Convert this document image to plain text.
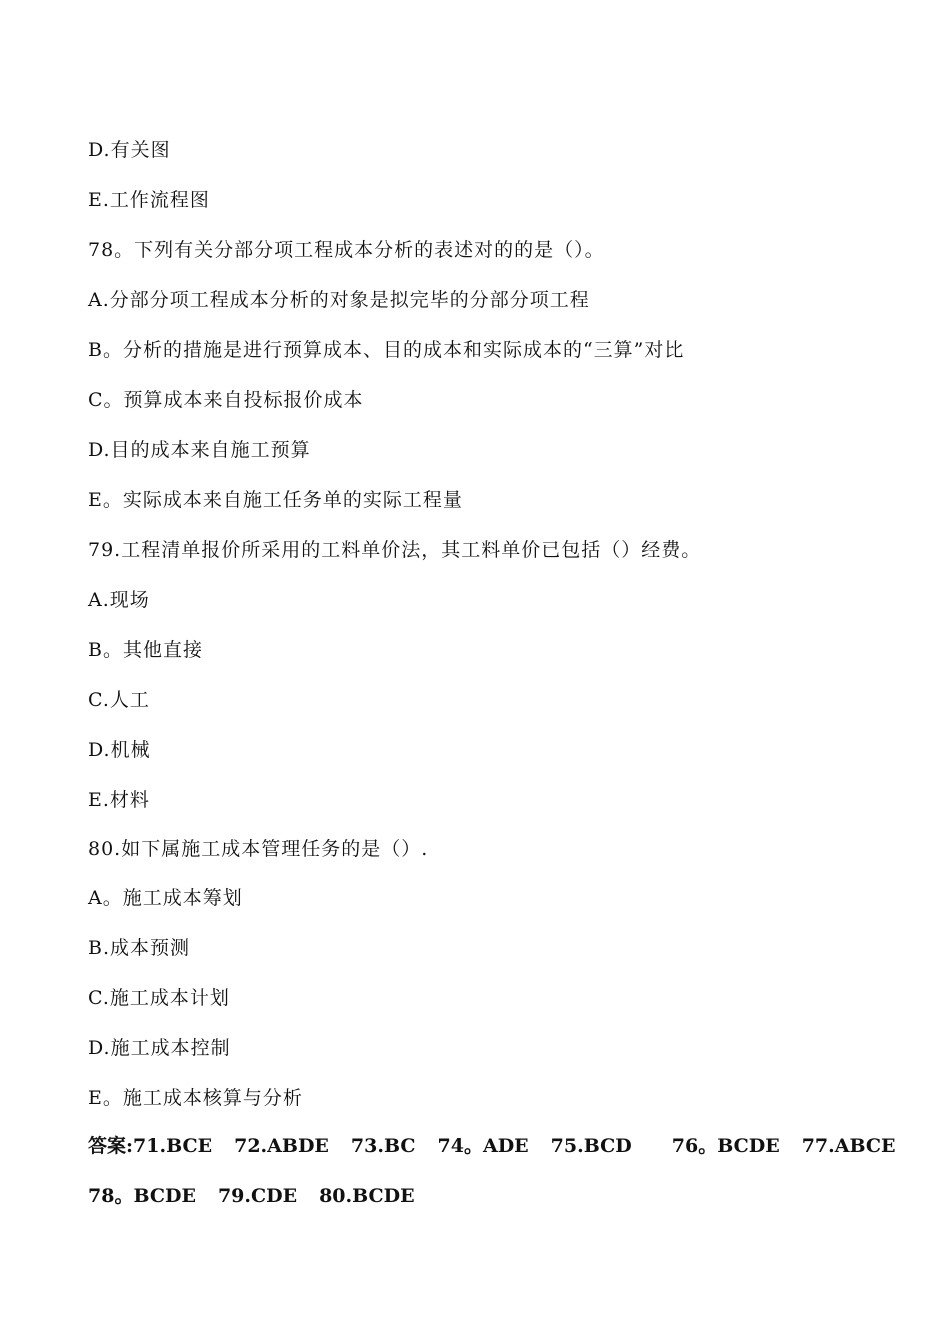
D.有关图
E.工作流程图
78。下列有关分部分项工程成本分析的表述对的的是（）。
A.分部分项工程成本分析的对象是拟完毕的分部分项工程
B。分析的措施是进行预算成本、目的成本和实际成本的“三算”对比
C。预算成本来自投标报价成本
D.目的成本来自施工预算
E。实际成本来自施工任务单的实际工程量
79.工程清单报价所采用的工料单价法，其工料单价已包括（）经费。
A.现场
B。其他直接
C.人工
D.机械
E.材料
80.如下属施工成本管理任务的是（）.
A。施工成本筹划
B.成本预测
C.施工成本计划
D.施工成本控制
E。施工成本核算与分析
答案:71.BCE 72.ABDE 73.BC 74。ADE 75.BCD 76。BCDE 77.ABCE
78。BCDE 79.CDE 80.BCDE
